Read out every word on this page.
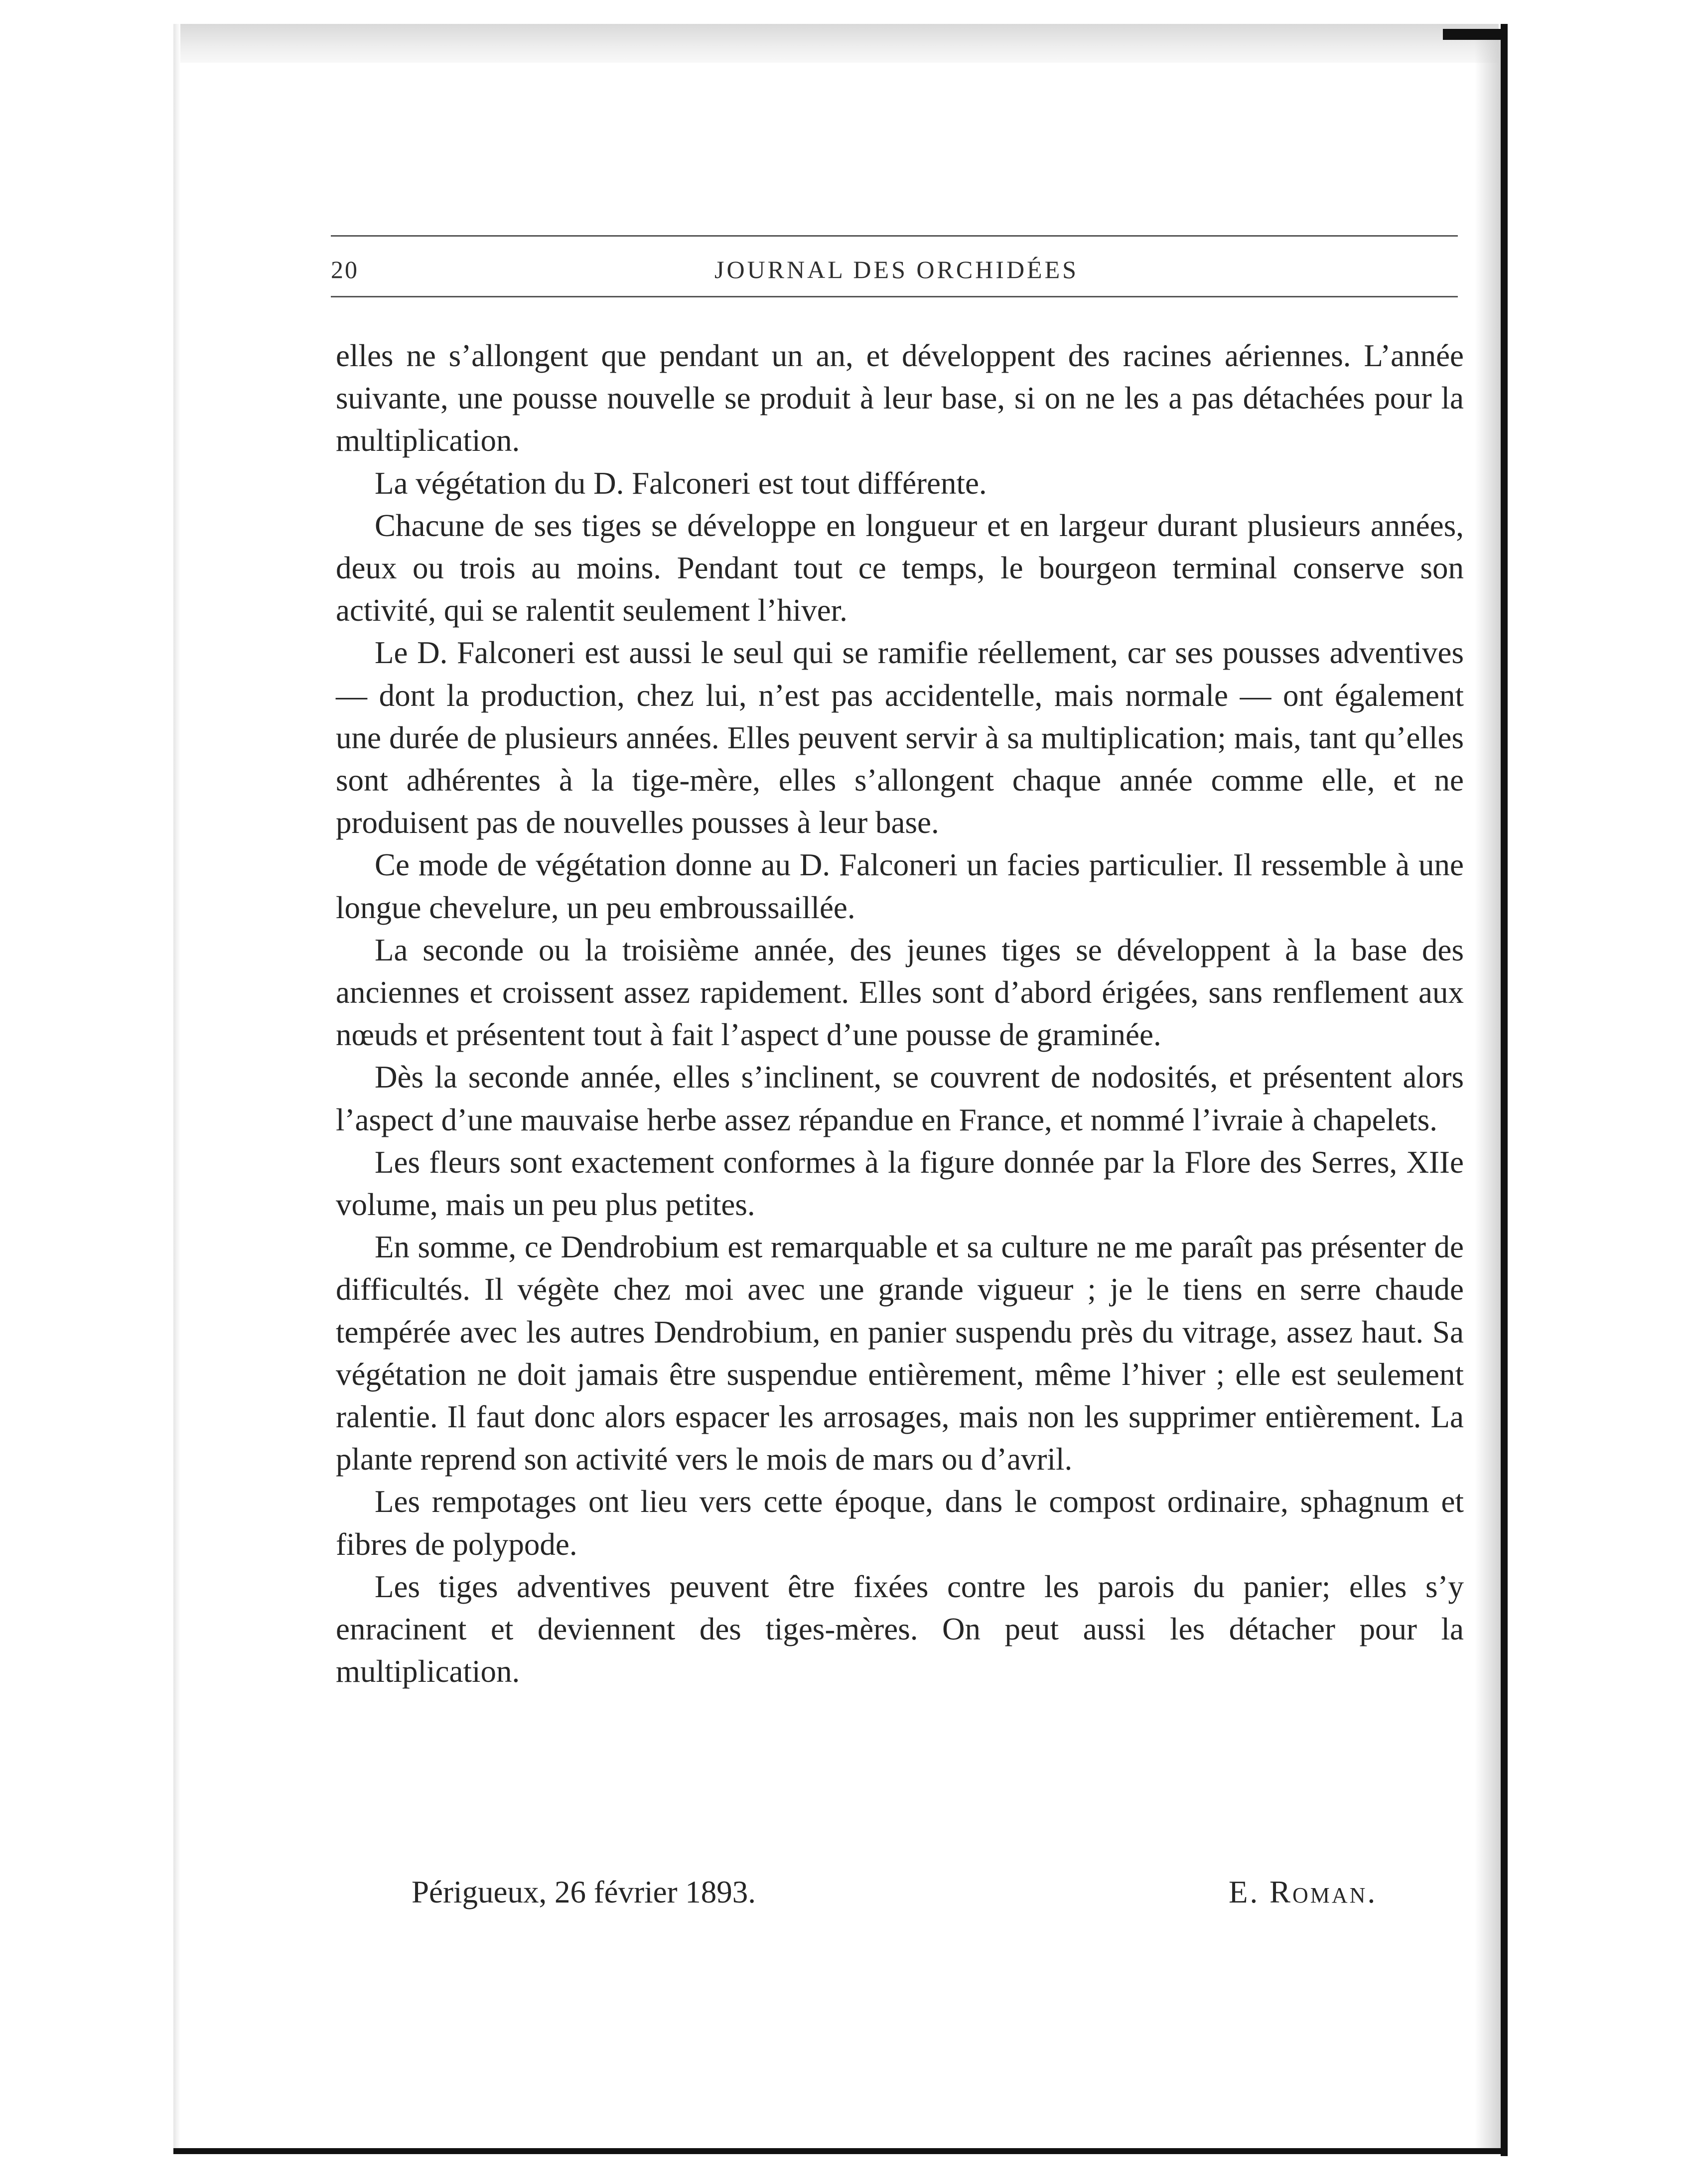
20	JOURNAL DES ORCHIDÉES

elles ne s’allongent que pendant un an, et développent des racines aériennes. L’année suivante, une pousse nouvelle se produit à leur base, si on ne les a pas détachées pour la multiplication.

La végétation du D. Falconeri est tout différente.

Chacune de ses tiges se développe en longueur et en largeur durant plusieurs années, deux ou trois au moins. Pendant tout ce temps, le bourgeon terminal conserve son activité, qui se ralentit seulement l’hiver.

Le D. Falconeri est aussi le seul qui se ramifie réellement, car ses pousses adventives — dont la production, chez lui, n’est pas accidentelle, mais normale — ont également une durée de plusieurs années. Elles peuvent servir à sa multiplication; mais, tant qu’elles sont adhérentes à la tige-mère, elles s’allongent chaque année comme elle, et ne produisent pas de nouvelles pousses à leur base.

Ce mode de végétation donne au D. Falconeri un facies particulier. Il ressemble à une longue chevelure, un peu embroussaillée.

La seconde ou la troisième année, des jeunes tiges se développent à la base des anciennes et croissent assez rapidement. Elles sont d’abord érigées, sans renflement aux nœuds et présentent tout à fait l’aspect d’une pousse de graminée.

Dès la seconde année, elles s’inclinent, se couvrent de nodosités, et présentent alors l’aspect d’une mauvaise herbe assez répandue en France, et nommé l’ivraie à chapelets.

Les fleurs sont exactement conformes à la figure donnée par la Flore des Serres, XIIe volume, mais un peu plus petites.

En somme, ce Dendrobium est remarquable et sa culture ne me paraît pas présenter de difficultés. Il végète chez moi avec une grande vigueur ; je le tiens en serre chaude tempérée avec les autres Dendrobium, en panier suspendu près du vitrage, assez haut. Sa végétation ne doit jamais être suspendue entièrement, même l’hiver ; elle est seulement ralentie. Il faut donc alors espacer les arrosages, mais non les supprimer entièrement. La plante reprend son activité vers le mois de mars ou d’avril.

Les rempotages ont lieu vers cette époque, dans le compost ordinaire, sphagnum et fibres de polypode.

Les tiges adventives peuvent être fixées contre les parois du panier; elles s’y enracinent et deviennent des tiges-mères. On peut aussi les détacher pour la multiplication.

Périgueux, 26 février 1893.	E. Roman.
